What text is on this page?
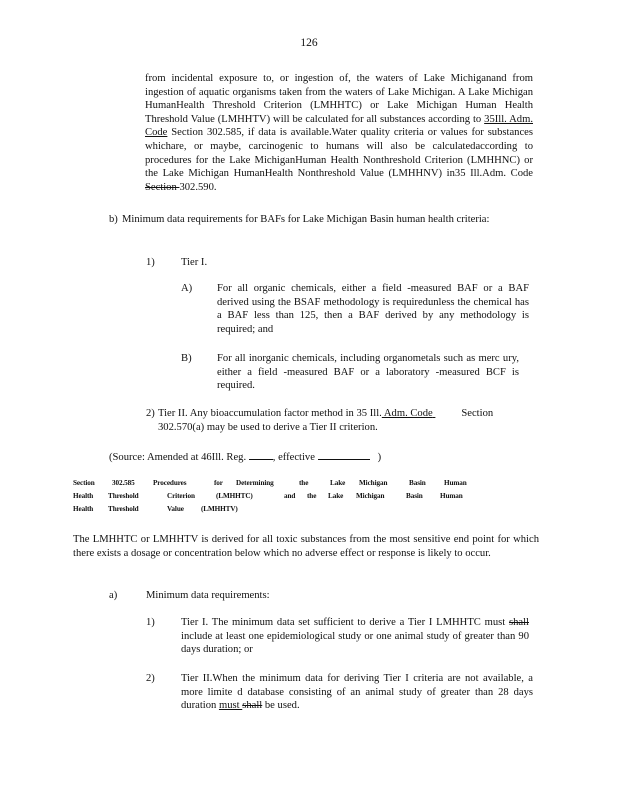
126
from incidental exposure to, or ingestion of, the waters of Lake Michiganand from ingestion of aquatic organisms taken from the waters of Lake Michigan. A Lake Michigan HumanHealth Threshold Criterion (LMHHTC) or Lake Michigan Human Health Threshold Value (LMHHTV) will be calculated for all substances according to 35Ill. Adm. Code Section 302.585, if data is available.Water quality criteria or values for substances whichare, or maybe, carcinogenic to humans will also be calculatedaccording to procedures for the Lake MichiganHuman Health Nonthreshold Criterion (LMHHNC) or the Lake Michigan HumanHealth Nonthreshold Value (LMHHNV) in35 Ill.Adm. Code Section 302.590.
b) Minimum data requirements for BAFs for Lake Michigan Basin human health criteria:
1) Tier I.
A) For all organic chemicals, either a field -measured BAF or a BAF derived using the BSAF methodology is requiredunless the chemical has a BAF less than 125, then a BAF derived by any methodology is required; and
B) For all inorganic chemicals, including organometals such as merc ury, either a field -measured BAF or a laboratory -measured BCF is required.
2) Tier II. Any bioaccumulation factor method in 35 Ill. Adm. Code	Section 302.570(a) may be used to derive a Tier II criterion.
(Source: Amended at 46Ill. Reg.	, effective	)
Section 302.585	Procedures	for Determining	the	Lake Michigan	Basin	Human
Health Threshold	Criterion	(LMHHTC)	and the Lake Michigan	Basin Human
Health Threshold	Value (LMHHTV)
The LMHHTC or LMHHTV is derived for all toxic substances from the most sensitive end point for which there exists a dosage or concentration below which no adverse effect or response is likely to occur.
a)	Minimum data requirements:
1) Tier I. The minimum data set sufficient to derive a Tier I LMHHTC must shall include at least one epidemiological study or one animal study of greater than 90 days duration; or
2) Tier II.When the minimum data for deriving Tier I criteria are not available, a more limite d database consisting of an animal study of greater than 28 days duration must shall be used.
